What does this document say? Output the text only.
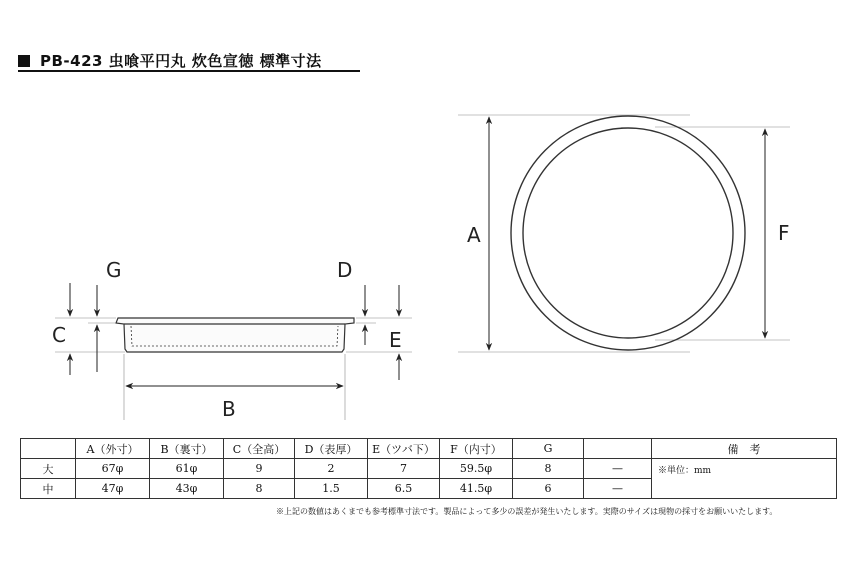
PB-423 虫喰平円丸 炊色宣徳 標準寸法
C
G	D
E
B
A	F
	A（外寸）	B（裏寸）	C（全高）	D（表厚）	E（ツバ下）	F（内寸）	G		備　考
大	67φ	61φ	9	2	7	59.5φ	8	—	※単位：mm
中	47φ	43φ	8	1.5	6.5	41.5φ	6	—	
※上記の数値はあくまでも参考標準寸法です。製品によって多少の誤差が発生いたします。実際のサイズは現物の採寸をお願いいたします。
